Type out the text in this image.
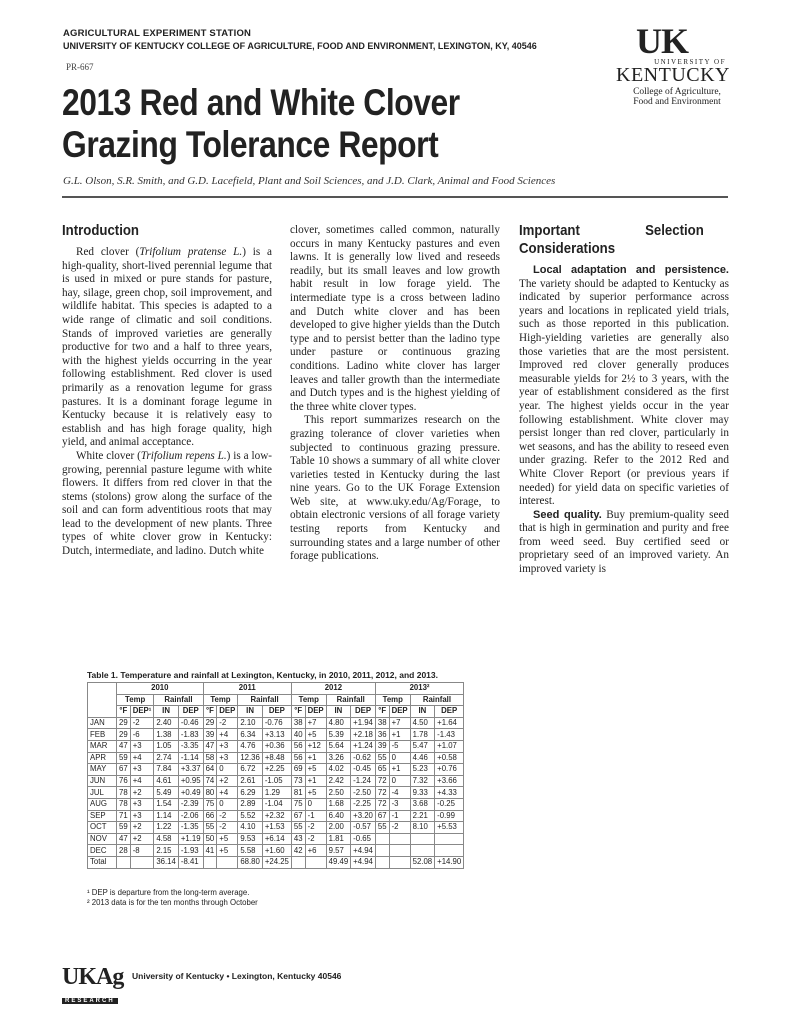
AGRICULTURAL EXPERIMENT STATION
UNIVERSITY OF KENTUCKY COLLEGE OF AGRICULTURE, FOOD AND ENVIRONMENT, LEXINGTON, KY, 40546
PR-667
2013 Red and White Clover
Grazing Tolerance Report
G.L. Olson, S.R. Smith, and G.D. Lacefield, Plant and Soil Sciences, and J.D. Clark, Animal and Food Sciences
UK
UNIVERSITY OF
KENTUCKY
College of Agriculture,
Food and Environment
Introduction

Red clover (Trifolium pratense L.) is a high-quality, short-lived perennial legume that is used in mixed or pure stands for pasture, hay, silage, green chop, soil improvement, and wildlife habitat. This species is adapted to a wide range of climatic and soil conditions. Stands of improved varieties are generally productive for two and a half to three years, with the highest yields occurring in the year following establishment. Red clover is used primarily as a renovation legume for grass pastures. It is a dominant forage legume in Kentucky because it is relatively easy to establish and has high forage quality, high yield, and animal acceptance.

White clover (Trifolium repens L.) is a low-growing, perennial pasture legume with white flowers. It differs from red clover in that the stems (stolons) grow along the surface of the soil and can form adventitious roots that may lead to the development of new plants. Three types of white clover grow in Kentucky: Dutch, intermediate, and ladino. Dutch white

clover, sometimes called common, naturally occurs in many Kentucky pastures and even lawns. It is generally low lived and reseeds readily, but its small leaves and low growth habit result in low forage yield. The intermediate type is a cross between ladino and Dutch white clover and has been developed to give higher yields than the Dutch type and to persist better than the ladino type under pasture or continuous grazing conditions. Ladino white clover has larger leaves and taller growth than the intermediate and Dutch types and is the highest yielding of the three white clover types.

This report summarizes research on the grazing tolerance of clover varieties when subjected to continuous grazing pressure. Table 10 shows a summary of all white clover varieties tested in Kentucky during the last nine years. Go to the UK Forage Extension Web site, at www.uky.edu/Ag/Forage, to obtain electronic versions of all forage variety testing reports from Kentucky and surrounding states and a large number of other forage publications.

Important Selection Considerations

Local adaptation and persistence. The variety should be adapted to Kentucky as indicated by superior performance across years and locations in replicated yield trials, such as those reported in this publication. High-yielding varieties are generally also those varieties that are the most persistent. Improved red clover generally produces measurable yields for 2½ to 3 years, with the year of establishment considered as the first year. The highest yields occur in the year following establishment. White clover may persist longer than red clover, particularly in wet seasons, and has the ability to reseed even under grazing. Refer to the 2012 Red and White Clover Report (or previous years if needed) for yield data on specific varieties of interest.

Seed quality. Buy premium-quality seed that is high in germination and purity and free from weed seed. Buy certified seed or proprietary seed of an improved variety. An improved variety is

Table 1. Temperature and rainfall at Lexington, Kentucky, in 2010, 2011, 2012, and 2013.
	2010				2011				2012				2013²			
	Temp		Rainfall		Temp		Rainfall		Temp		Rainfall		Temp		Rainfall	
	°F	DEP¹	IN	DEP	°F	DEP	IN	DEP	°F	DEP	IN	DEP	°F	DEP	IN	DEP
JAN	29	-2	2.40	-0.46	29	-2	2.10	-0.76	38	+7	4.80	+1.94	38	+7	4.50	+1.64
FEB	29	-6	1.38	-1.83	39	+4	6.34	+3.13	40	+5	5.39	+2.18	36	+1	1.78	-1.43
MAR	47	+3	1.05	-3.35	47	+3	4.76	+0.36	56	+12	5.64	+1.24	39	-5	5.47	+1.07
APR	59	+4	2.74	-1.14	58	+3	12.36	+8.48	56	+1	3.26	-0.62	55	0	4.46	+0.58
MAY	67	+3	7.84	+3.37	64	0	6.72	+2.25	69	+5	4.02	-0.45	65	+1	5.23	+0.76
JUN	76	+4	4.61	+0.95	74	+2	2.61	-1.05	73	+1	2.42	-1.24	72	0	7.32	+3.66
JUL	78	+2	5.49	+0.49	80	+4	6.29	1.29	81	+5	2.50	-2.50	72	-4	9.33	+4.33
AUG	78	+3	1.54	-2.39	75	0	2.89	-1.04	75	0	1.68	-2.25	72	-3	3.68	-0.25
SEP	71	+3	1.14	-2.06	66	-2	5.52	+2.32	67	-1	6.40	+3.20	67	-1	2.21	-0.99
OCT	59	+2	1.22	-1.35	55	-2	4.10	+1.53	55	-2	2.00	-0.57	55	-2	8.10	+5.53
NOV	47	+2	4.58	+1.19	50	+5	9.53	+6.14	43	-2	1.81	-0.65				
DEC	28	-8	2.15	-1.93	41	+5	5.58	+1.60	42	+6	9.57	+4.94				
Total			36.14	-8.41			68.80	+24.25			49.49	+4.94			52.08	+14.90
¹ DEP is departure from the long-term average.
² 2013 data is for the ten months through October
UKAg
RESEARCH
University of Kentucky • Lexington, Kentucky 40546
